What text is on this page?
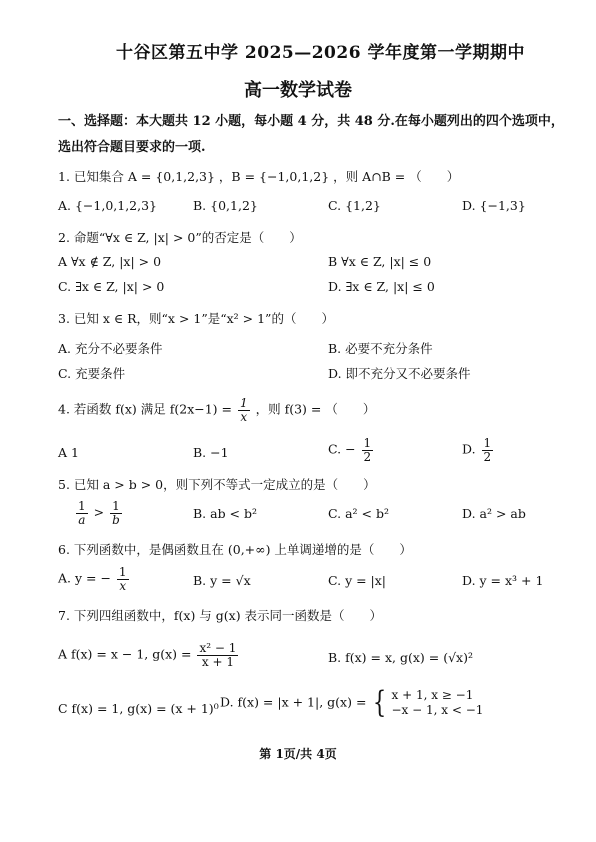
十谷区第五中学 2025—2026 学年度第一学期期中
高一数学试卷
一、选择题：本大题共 12 小题，每小题 4 分，共 48 分.在每小题列出的四个选项中，
选出符合题目要求的一项.
1. 已知集合 A = {0,1,2,3} ，B = {−1,0,1,2} ，则 A∩B = （　　）
A. {−1,0,1,2,3}	B. {0,1,2}	C. {1,2}	D. {−1,3}
2. 命题“∀x ∈ Z, |x| > 0”的否定是（　　）
A ∀x ∉ Z, |x| > 0	B ∀x ∈ Z, |x| ≤ 0
C. ∃x ∈ Z, |x| > 0	D. ∃x ∈ Z, |x| ≤ 0
3. 已知 x ∈ R，则“x > 1”是“x² > 1”的（　　）
A. 充分不必要条件	B. 必要不充分条件
C. 充要条件	D. 即不充分又不必要条件
4. 若函数 f(x) 满足 $f(2x-1) = \frac{1}{x}$ ，则 f(3) = （　　）
A 1	B. −1	C. − $\frac{1}{2}$	D. $\frac{1}{2}$
5. 已知 a > b > 0，则下列不等式一定成立的是（　　）
$\frac{1}{a} > \frac{1}{b}$	B. ab < b²	C. a² < b²	D. a² > ab
6. 下列函数中，是偶函数且在 (0,+∞) 上单调递增的是（　　）
A. y = − $\frac{1}{x}$	B. y = √x	C. y = |x|	D. y = x³ + 1
7. 下列四组函数中，f(x) 与 g(x) 表示同一函数是（　　）
A f(x) = x − 1, $g(x) = \frac{\text{x² − 1}}{x + 1}$	B. f(x) = x, g(x) = (√x)²
C f(x) = 1, g(x) = (x + 1)⁰ D. f(x) = |x + 1|, g(x) = { x + 1, x ≥ −1
−x − 1, x < −1
第 1页/共 4页
